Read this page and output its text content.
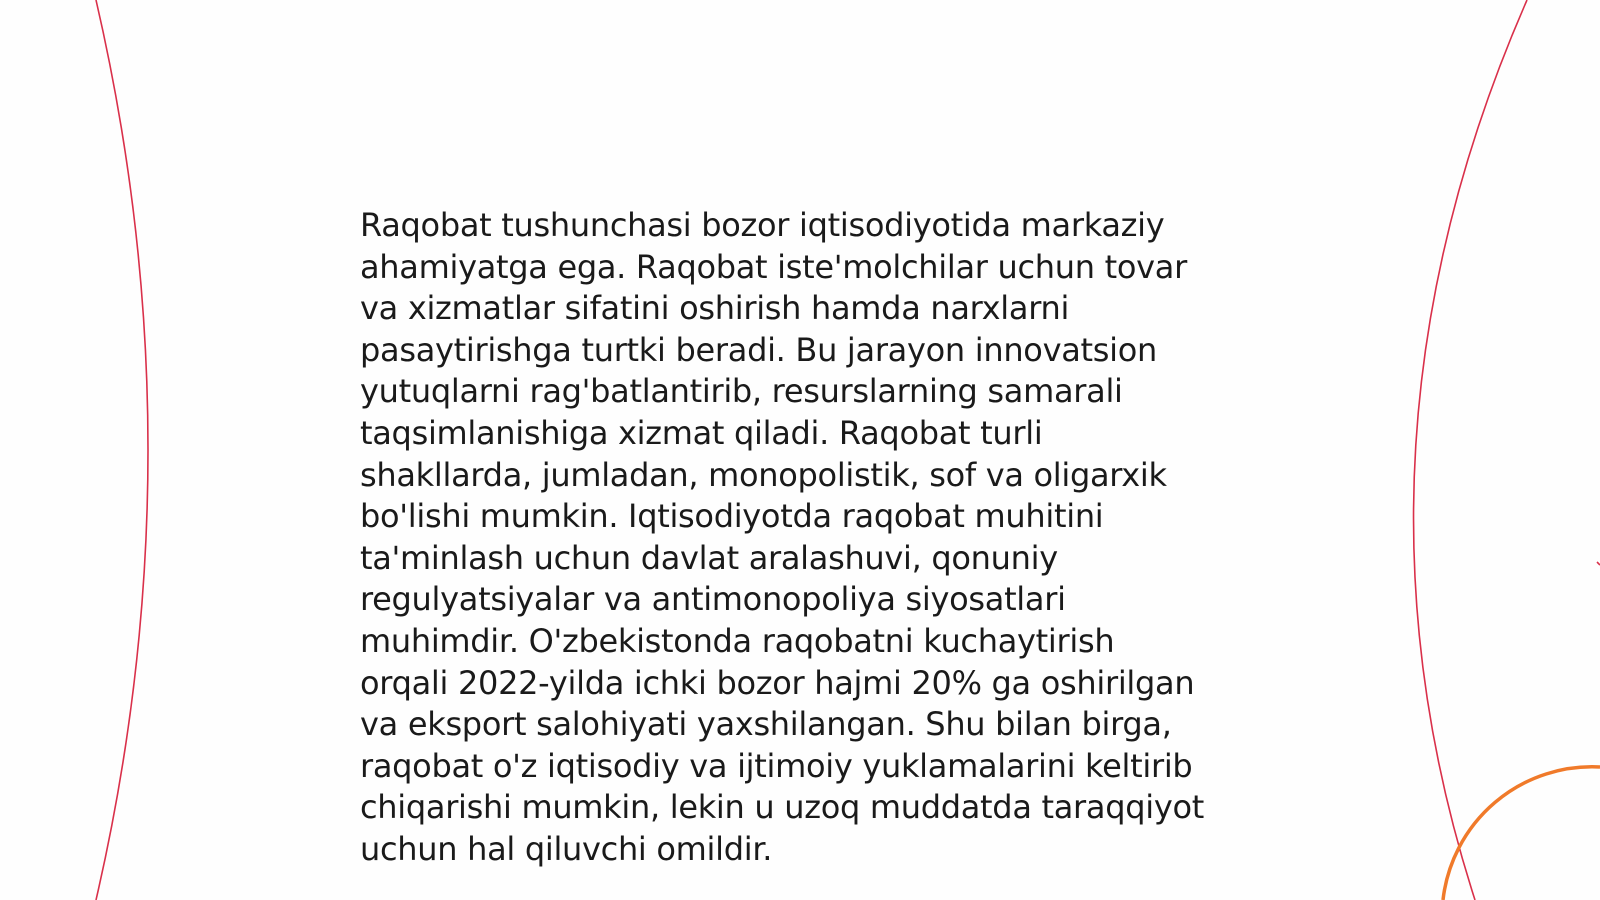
Raqobat tushunchasi bozor iqtisodiyotida markaziy
ahamiyatga ega. Raqobat iste'molchilar uchun tovar
va xizmatlar sifatini oshirish hamda narxlarni
pasaytirishga turtki beradi. Bu jarayon innovatsion
yutuqlarni rag'batlantirib, resurslarning samarali
taqsimlanishiga xizmat qiladi. Raqobat turli
shakllarda, jumladan, monopolistik, sof va oligarxik
bo'lishi mumkin. Iqtisodiyotda raqobat muhitini
ta'minlash uchun davlat aralashuvi, qonuniy
regulyatsiyalar va antimonopoliya siyosatlari
muhimdir. O'zbekistonda raqobatni kuchaytirish
orqali 2022-yilda ichki bozor hajmi 20% ga oshirilgan
va eksport salohiyati yaxshilangan. Shu bilan birga,
raqobat o'z iqtisodiy va ijtimoiy yuklamalarini keltirib
chiqarishi mumkin, lekin u uzoq muddatda taraqqiyot
uchun hal qiluvchi omildir.
